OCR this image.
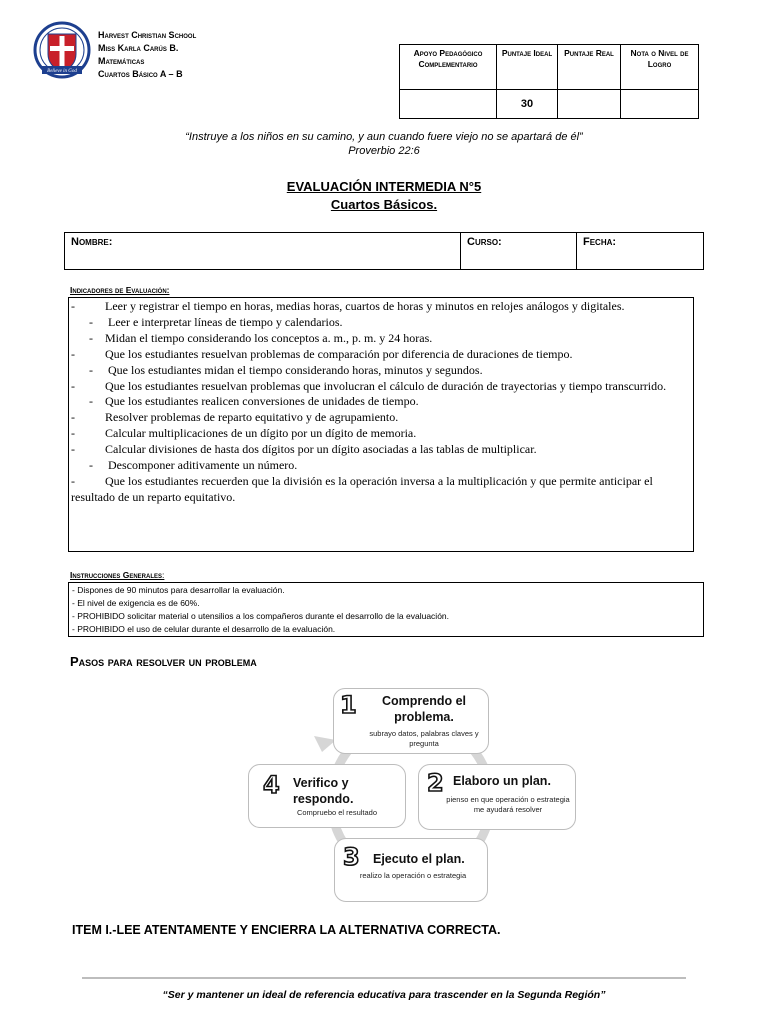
Believe in God
Harvest Christian School
Miss Karla Carús B.
Matemáticas
Cuartos Básico A – B
Apoyo Pedagógico Complementario	Puntaje Ideal	Puntaje Real	Nota o Nivel de Logro
	30		
“Instruye a los niños en su camino, y aun cuando fuere viejo no se apartará de él”
Proverbio 22:6
EVALUACIÓN INTERMEDIA N°5
Cuartos Básicos.
Nombre:	Curso:	Fecha:
Indicadores de Evaluación:
-          Leer y registrar el tiempo en horas, medias horas, cuartos de horas y minutos en relojes análogos y digitales.
-     Leer e interpretar líneas de tiempo y calendarios.
-    Midan el tiempo considerando los conceptos a. m., p. m. y 24 horas.
-          Que los estudiantes resuelvan problemas de comparación por diferencia de duraciones de tiempo.
-     Que los estudiantes midan el tiempo considerando horas, minutos y segundos.
-          Que los estudiantes resuelvan problemas que involucran el cálculo de duración de trayectorias y tiempo transcurrido.
-    Que los estudiantes realicen conversiones de unidades de tiempo.
-          Resolver problemas de reparto equitativo y de agrupamiento.
-          Calcular multiplicaciones de un dígito por un dígito de memoria.
-          Calcular divisiones de hasta dos dígitos por un dígito asociadas a las tablas de multiplicar.
-     Descomponer aditivamente un número.
-          Que los estudiantes recuerden que la división es la operación inversa a la multiplicación y que permite anticipar el resultado de un reparto equitativo.
Instrucciones Generales:
- Dispones de 90 minutos para desarrollar la evaluación.
- El nivel de exigencia es de 60%.
- PROHIBIDO solicitar material o utensilios a los compañeros durante el desarrollo de la evaluación.
- PROHIBIDO el uso de celular durante el desarrollo de la evaluación.
Pasos para resolver un problema
1	Comprendo el problema.
subrayo datos, palabras claves y pregunta
4 Verifico y respondo.
Compruebo el resultado
2 Elaboro un plan.
pienso en que operación o estrategia me ayudará resolver
3 Ejecuto el plan.
realizo la operación o estrategia
ITEM I.-LEE ATENTAMENTE Y ENCIERRA LA ALTERNATIVA CORRECTA.
“Ser y mantener un ideal de referencia educativa para trascender en la Segunda Región”
